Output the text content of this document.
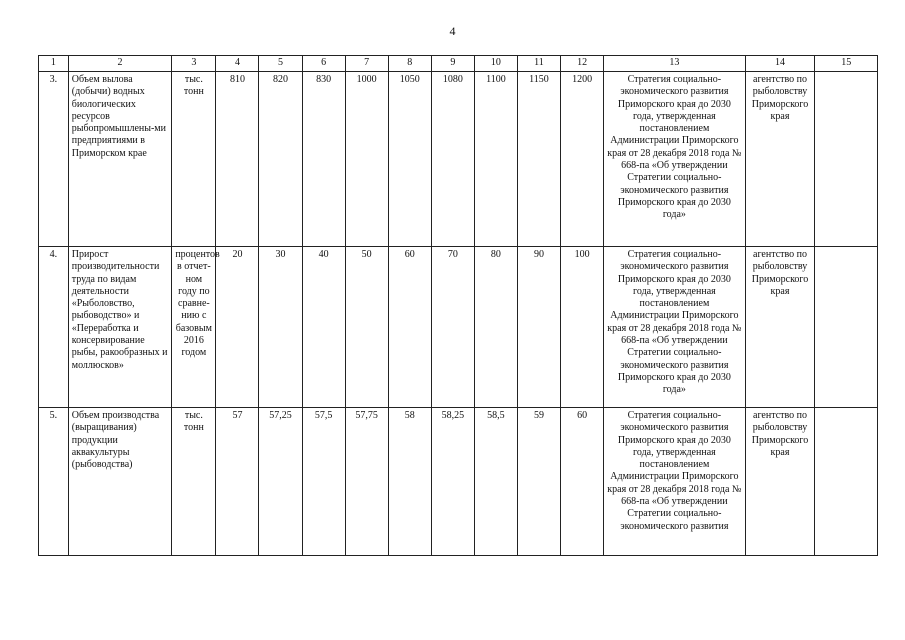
4
1	2	3	4	5	6	7	8	9	10	11	12	13	14	15
3.	Объем вылова (добычи) водных биологических ресурсов рыбопромышлены-ми предприятиями в Приморском крае	тыс. тонн	810	820	830	1000	1050	1080	1100	1150	1200	Стратегия социально-экономического развития Приморского края до 2030 года, утвержденная постановлением Администрации Приморского края от 28 декабря 2018 года № 668-па «Об утверждении Стратегии социально-экономического развития Приморского края до 2030 года»	агентство по рыболовству Приморского края	
4.	Прирост производительности труда по видам деятельности «Рыболовство, рыбоводство» и «Переработка и консервирование рыбы, ракообразных и моллюсков»	процентов в отчет-ном году по сравне-нию с базовым 2016 годом	20	30	40	50	60	70	80	90	100	Стратегия социально-экономического развития Приморского края до 2030 года, утвержденная постановлением Администрации Приморского края от 28 декабря 2018 года № 668-па «Об утверждении Стратегии социально-экономического развития Приморского края до 2030 года»	агентство по рыболовству Приморского края	
5.	Объем производства (выращивания) продукции аквакультуры (рыбоводства)	тыс. тонн	57	57,25	57,5	57,75	58	58,25	58,5	59	60	Стратегия социально-экономического развития Приморского края до 2030 года, утвержденная постановлением Администрации Приморского края от 28 декабря 2018 года № 668-па «Об утверждении Стратегии социально-экономического развития	агентство по рыболовству Приморского края	
